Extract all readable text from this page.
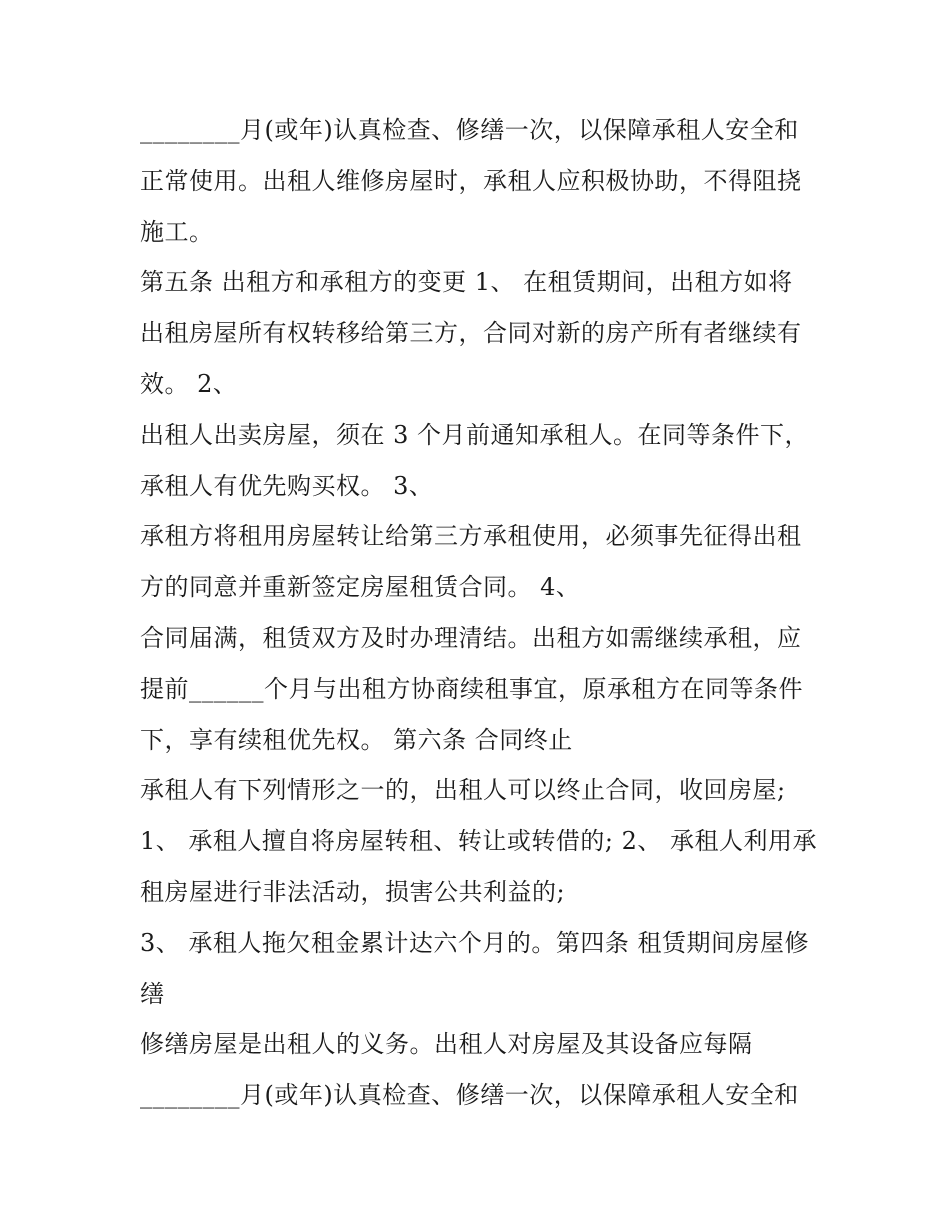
________月(或年)认真检查、修缮一次，以保障承租人安全和
正常使用。出租人维修房屋时，承租人应积极协助，不得阻挠
施工。
第五条 出租方和承租方的变更 1、 在租赁期间，出租方如将
出租房屋所有权转移给第三方，合同对新的房产所有者继续有
效。 2、
出租人出卖房屋，须在 3 个月前通知承租人。在同等条件下，
承租人有优先购买权。 3、
承租方将租用房屋转让给第三方承租使用，必须事先征得出租
方的同意并重新签定房屋租赁合同。 4、
合同届满，租赁双方及时办理清结。出租方如需继续承租，应
提前______个月与出租方协商续租事宜，原承租方在同等条件
下，享有续租优先权。 第六条 合同终止
承租人有下列情形之一的，出租人可以终止合同，收回房屋;
1、 承租人擅自将房屋转租、转让或转借的; 2、 承租人利用承
租房屋进行非法活动，损害公共利益的;
3、 承租人拖欠租金累计达六个月的。第四条 租赁期间房屋修
缮
修缮房屋是出租人的义务。出租人对房屋及其设备应每隔
________月(或年)认真检查、修缮一次，以保障承租人安全和
